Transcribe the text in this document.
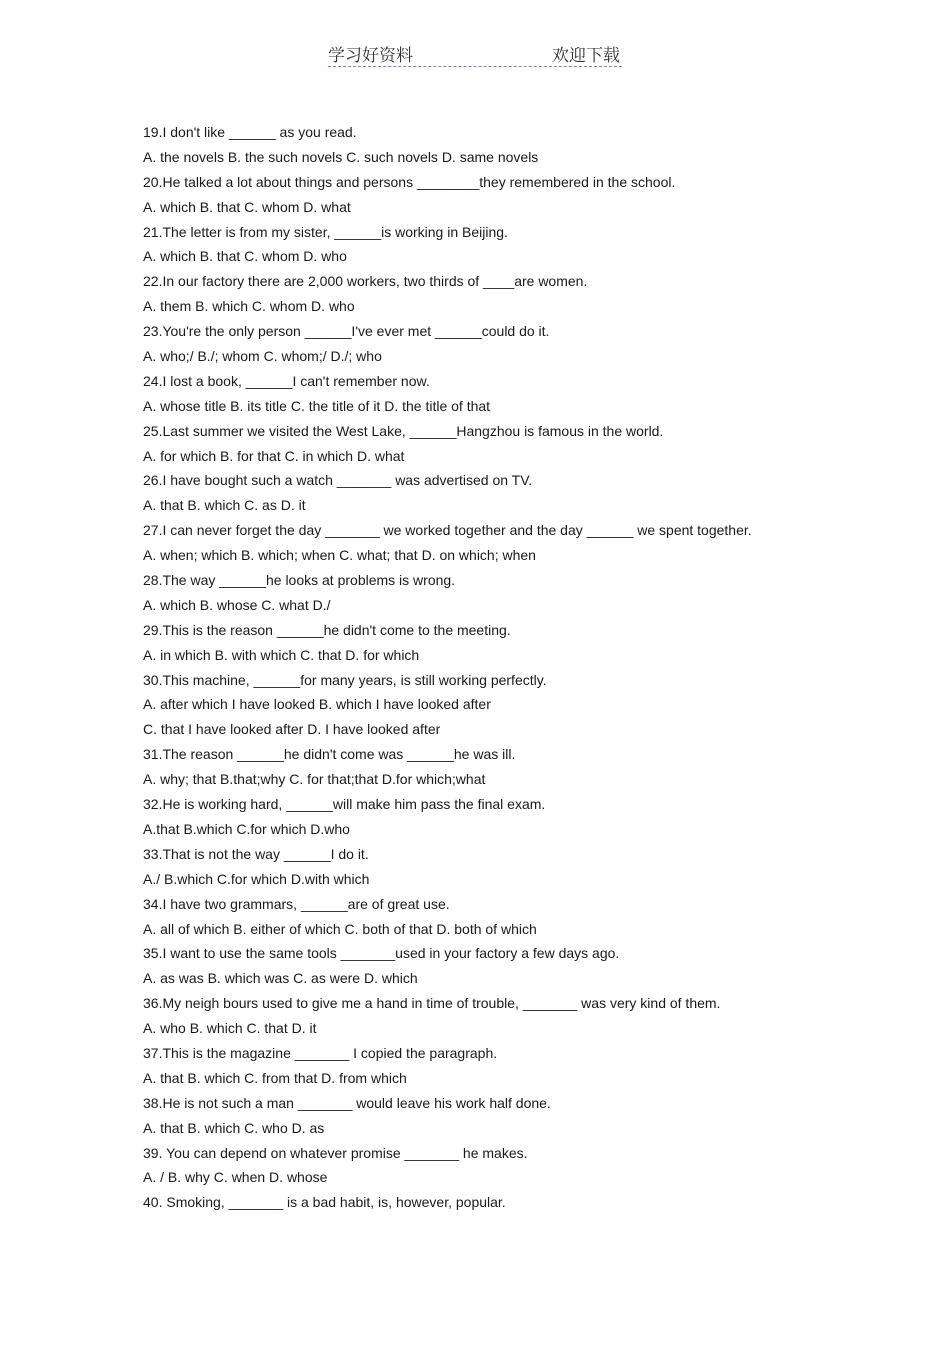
学习好资料	欢迎下载
19.I don't like ______ as you read.
A. the novels B. the such novels C. such novels D. same novels
20.He talked a lot about things and persons ________they remembered in the school.
A. which B. that C. whom D. what
21.The letter is from my sister, ______is working in Beijing.
A. which B. that C. whom D. who
22.In our factory there are 2,000 workers, two thirds of ____are women.
A. them B. which C. whom D. who
23.You're the only person ______I've ever met ______could do it.
A. who;/ B./; whom C. whom;/ D./; who
24.I lost a book, ______I can't remember now.
A. whose title B. its title C. the title of it D. the title of that
25.Last summer we visited the West Lake, ______Hangzhou is famous in the world.
A. for which B. for that C. in which D. what
26.I have bought such a watch _______ was advertised on TV.
A. that B. which C. as D. it
27.I can never forget the day _______ we worked together and the day ______ we spent together.
A. when; which B. which; when C. what; that D. on which; when
28.The way ______he looks at problems is wrong.
A. which B. whose C. what D./
29.This is the reason ______he didn't come to the meeting.
A. in which B. with which C. that D. for which
30.This machine, ______for many years, is still working perfectly.
A. after which I have looked B. which I have looked after
C. that I have looked after D. I have looked after
31.The reason ______he didn't come was ______he was ill.
A. why; that B.that;why C. for that;that D.for which;what
32.He is working hard, ______will make him pass the final exam.
A.that B.which C.for which D.who
33.That is not the way ______I do it.
A./ B.which C.for which D.with which
34.I have two grammars, ______are of great use.
A. all of which B. either of which C. both of that D. both of which
35.I want to use the same tools _______used in your factory a few days ago.
A. as was B. which was C. as were D. which
36.My neigh bours used to give me a hand in time of trouble, _______ was very kind of them.
A. who B. which C. that D. it
37.This is the magazine _______ I copied the paragraph.
A. that B. which C. from that D. from which
38.He is not such a man _______ would leave his work half done.
A. that B. which C. who D. as
39. You can depend on whatever promise _______ he makes.
A. / B. why C. when D. whose
40. Smoking, _______ is a bad habit, is, however, popular.
